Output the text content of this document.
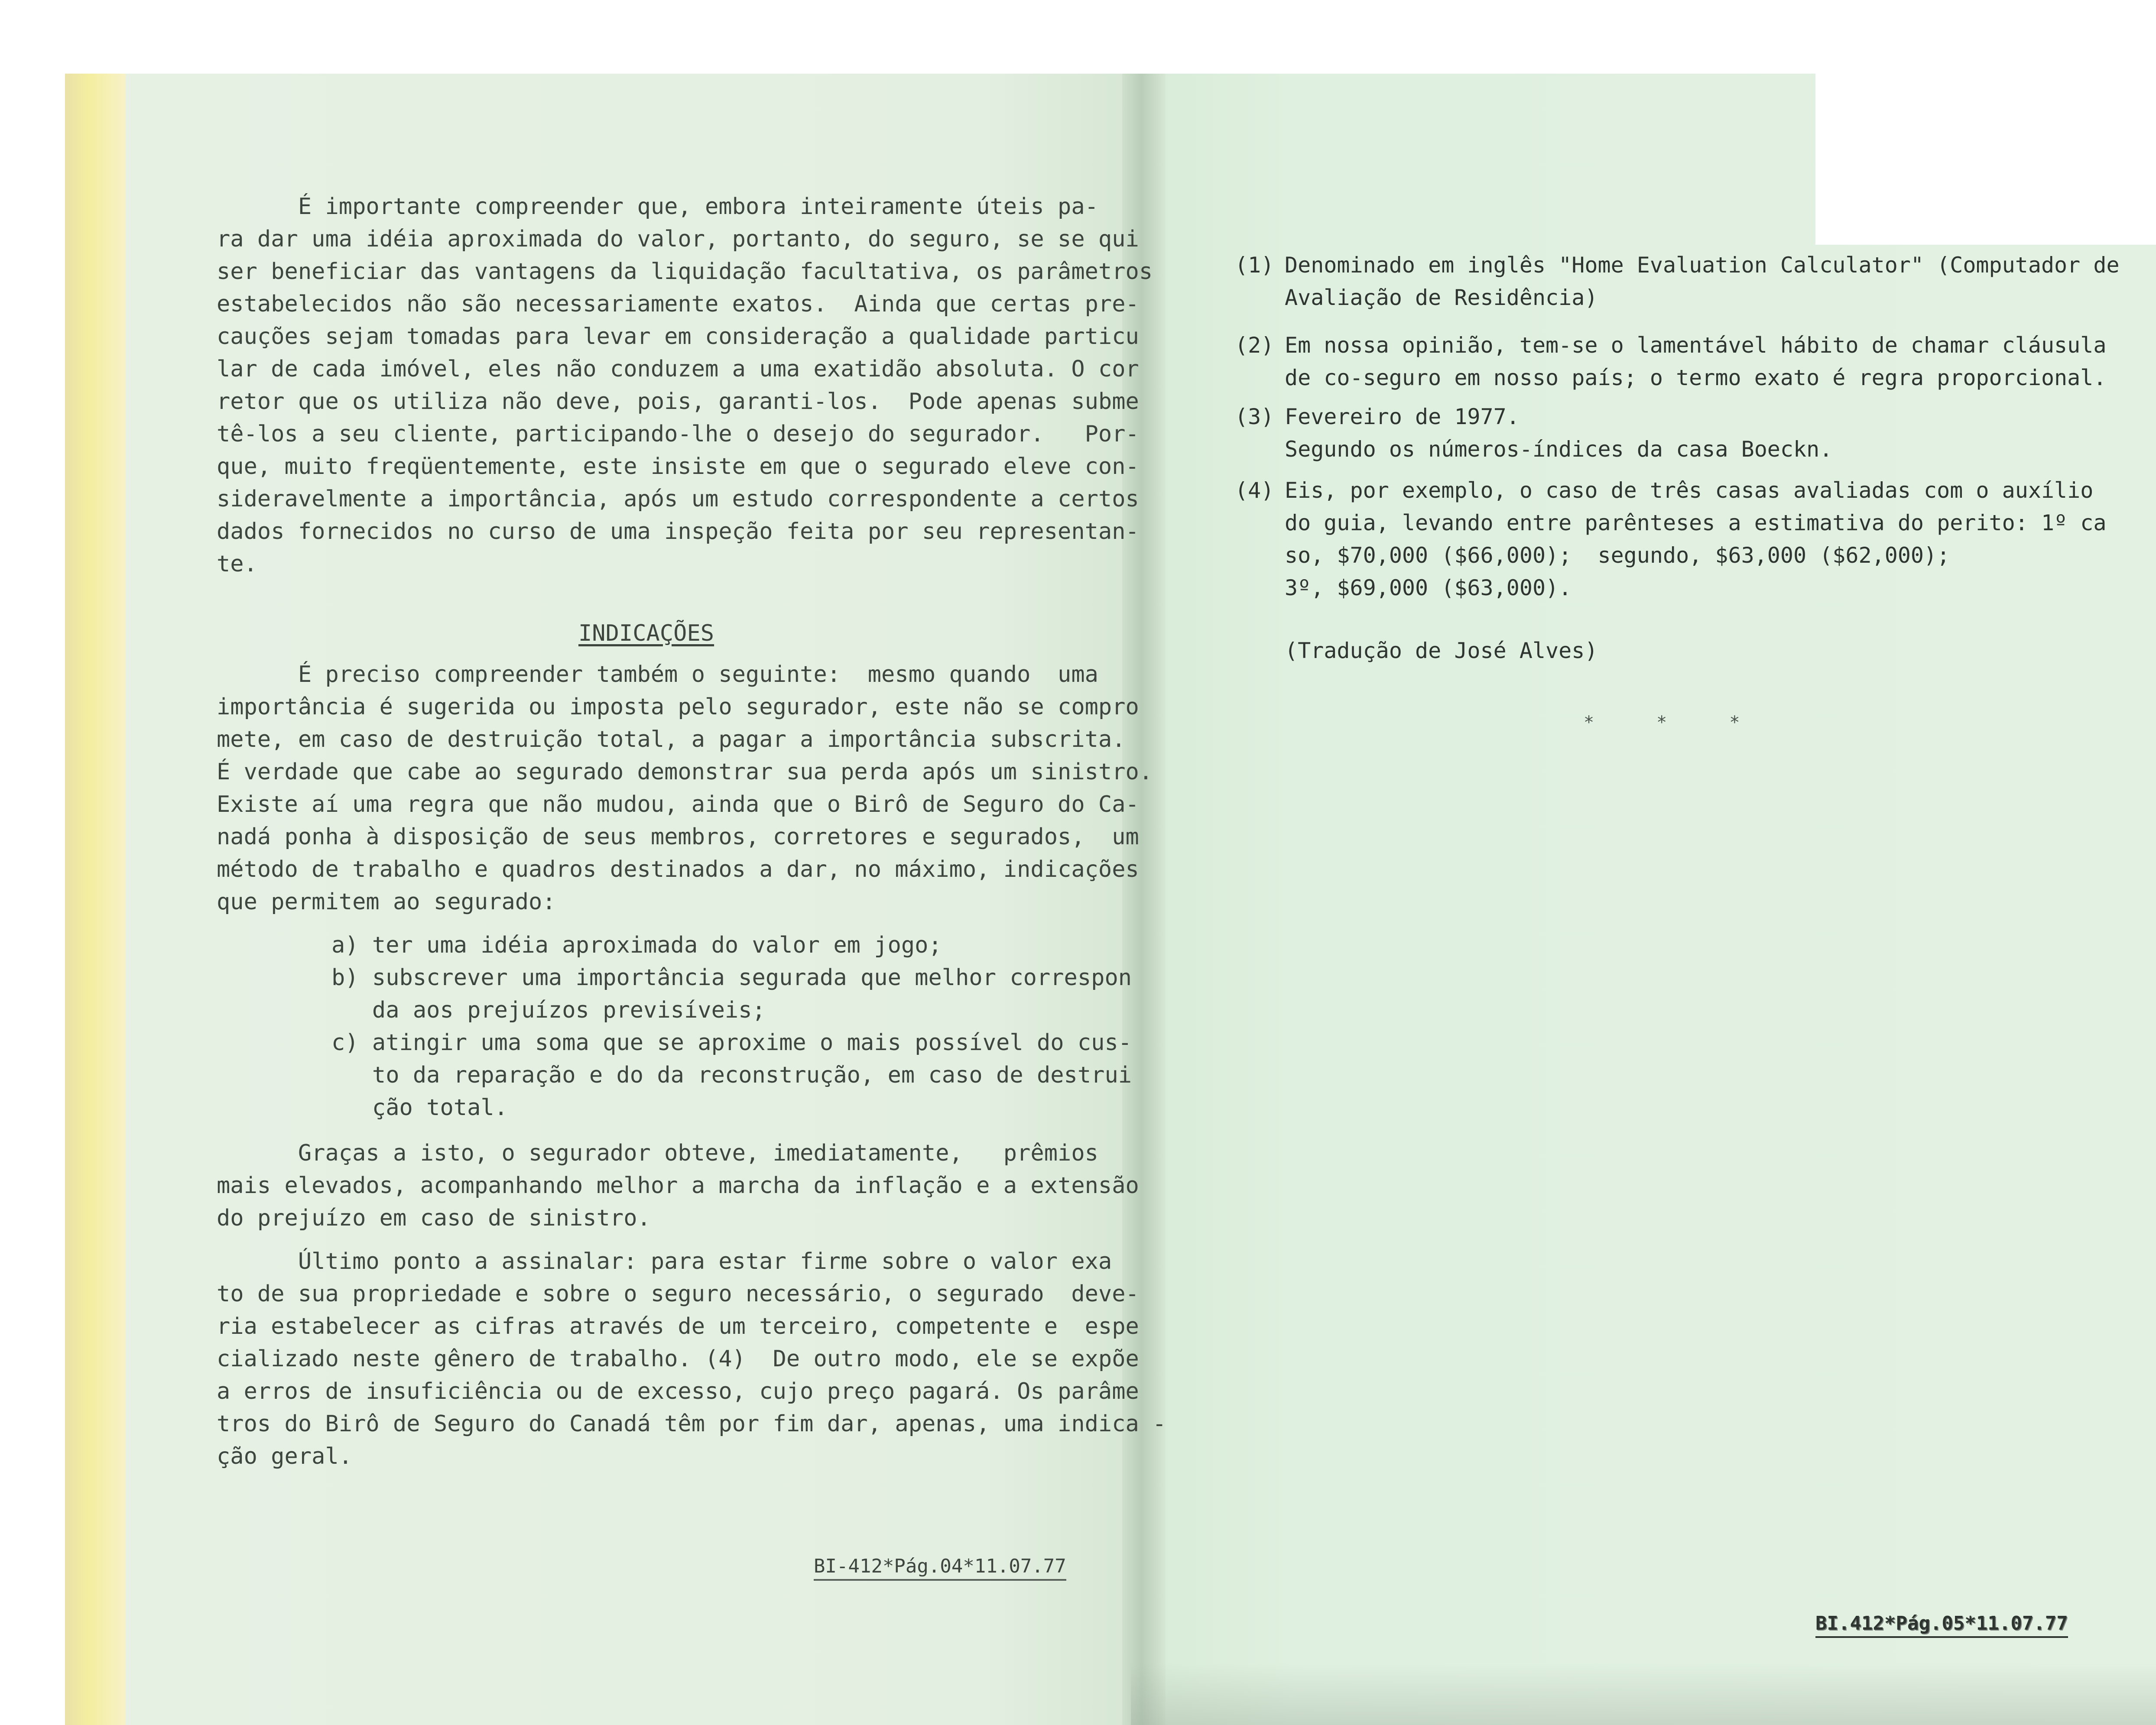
É importante compreender que, embora inteiramente úteis pa-

ra dar uma idéia aproximada do valor, portanto, do seguro, se se qui

ser beneficiar das vantagens da liquidação facultativa, os parâmetros

estabelecidos não são necessariamente exatos.  Ainda que certas pre-

cauções sejam tomadas para levar em consideração a qualidade particu

lar de cada imóvel, eles não conduzem a uma exatidão absoluta. O cor

retor que os utiliza não deve, pois, garanti-los.  Pode apenas subme

tê-los a seu cliente, participando-lhe o desejo do segurador.   Por-

que, muito freqüentemente, este insiste em que o segurado eleve con-

sideravelmente a importância, após um estudo correspondente a certos

dados fornecidos no curso de uma inspeção feita por seu representan-

te.

INDICAÇÕES

É preciso compreender também o seguinte:  mesmo quando  uma

importância é sugerida ou imposta pelo segurador, este não se compro

mete, em caso de destruição total, a pagar a importância subscrita.

É verdade que cabe ao segurado demonstrar sua perda após um sinistro.

Existe aí uma regra que não mudou, ainda que o Birô de Seguro do Ca-

nadá ponha à disposição de seus membros, corretores e segurados,  um

método de trabalho e quadros destinados a dar, no máximo, indicações

que permitem ao segurado:

a) ter uma idéia aproximada do valor em jogo;

b) subscrever uma importância segurada que melhor correspon

da aos prejuízos previsíveis;

c) atingir uma soma que se aproxime o mais possível do cus-

to da reparação e do da reconstrução, em caso de destrui

ção total.

Graças a isto, o segurador obteve, imediatamente,   prêmios

mais elevados, acompanhando melhor a marcha da inflação e a extensão

do prejuízo em caso de sinistro.

Último ponto a assinalar: para estar firme sobre o valor exa

to de sua propriedade e sobre o seguro necessário, o segurado  deve-

ria estabelecer as cifras através de um terceiro, competente e  espe

cializado neste gênero de trabalho. (4)  De outro modo, ele se expõe

a erros de insuficiência ou de excesso, cujo preço pagará. Os parâme

tros do Birô de Seguro do Canadá têm por fim dar, apenas, uma indica -

ção geral.

BI-412*Pág.04*11.07.77
(1) Denominado em inglês "Home Evaluation Calculator" (Computador de
Avaliação de Residência)
(2) Em nossa opinião, tem-se o lamentável hábito de chamar cláusula
de co-seguro em nosso país; o termo exato é regra proporcional.
(3) Fevereiro de 1977.
Segundo os números-índices da casa Boeckn.
(4) Eis, por exemplo, o caso de três casas avaliadas com o auxílio
do guia, levando entre parênteses a estimativa do perito: 1º ca
so, $70,000 ($66,000);  segundo, $63,000 ($62,000);
3º, $69,000 ($63,000).
(Tradução de José Alves)
* * *
BI.412*Pág.05*11.07.77
